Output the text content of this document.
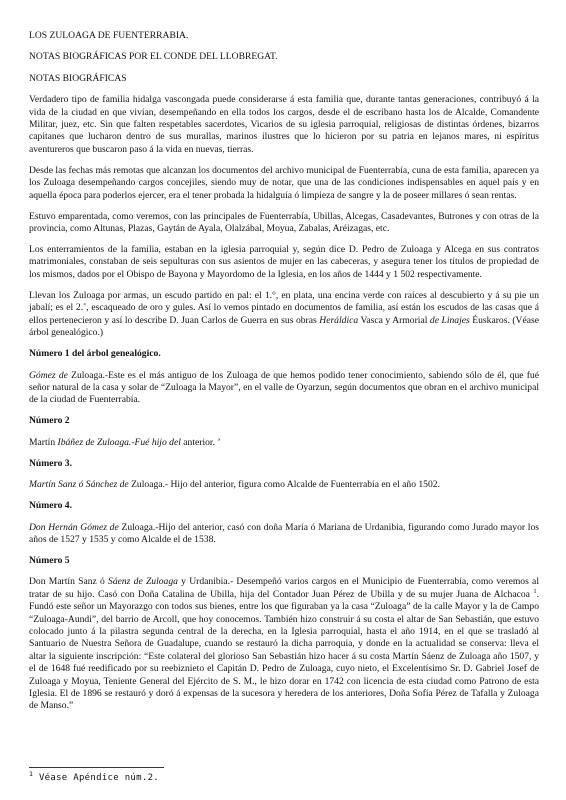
LOS ZULOAGA DE FUENTERRABIA.
NOTAS BIOGRÁFICAS POR EL CONDE DEL LLOBREGAT.
NOTAS BIOGRÁFICAS

Verdadero tipo de familia hidalga vascongada puede considerarse á esta familia que, durante tantas generaciones, contribuyó á la vida de la ciudad en que vivían, desempeñando en ella todos los cargos, desde el de escribano hasta los de Alcalde, Comandente Militar, juez, etc. Sin que falten respetables sacerdotes, Vicarios de su iglesia parroquial, religiosas de distintas órdenes, bizarros capitanes que lucharon dentro de sus murallas, marinos ilustres que lo hicieron por su patria en lejanos mares, ni espíritus aventureros que buscaron paso á la vida en nuevas, tierras.

Desde las fechas más remotas que alcanzan los documentos del archivo municipal de Fuenterrabía, cuna de esta familia, aparecen ya los Zuloaga desempeñando cargos concejiles, siendo muy de notar, que una de las condiciones indispensables en aquel país y en aquella época para poderlos ejercer, era el tener probada la hidalguía ó limpieza de sangre y la de poseer millares ó sean rentas.

Estuvo emparentada, como veremos, con las principales de Fuenterrabía, Ubillas, Alcegas, Casadevantes, Butrones y con otras de la provincia, como Altunas, Plazas, Gaytán de Ayala, Olalzábal, Moyua, Zabalas, Aréizagas, etc.

Los enterramientos de la familia, estaban en la iglesia parroquial y, según dice D. Pedro de Zuloaga y Alcega en sus contratos matrimoniales, constaban de seis sepulturas con sus asientos de mujer en las cabeceras, y asegura tener los títulos de propiedad de los mismos, dados por el Obispo de Bayona y Mayordomo de la Iglesia, en los años de 1444 y 1 502 respectivamente.

Llevan los Zuloaga por armas, un escudo partido en pal: el 1.°, en plata, una encina verde con raíces al descubierto y á su pie un jabalí; es el 2.˚, escaqueado de oro y gules. Así lo vemos pintado en documentos de familia, así están los escudos de las casas que á ellos pertenecieron y así lo describe D. Juan Carlos de Guerra en sus obras Heráldica Vasca y Armorial de Linajes Éuskaros. (Véase árbol genealógico.)

Número 1 del árbol genealógico.

Gómez de Zuloaga.-Este es el más antiguo de los Zuloaga de que hemos podido tener conocimiento, sabiendo sólo de él, que fué señor natural de la casa y solar de “Zuloaga la Mayor”, en el valle de Oyarzun, según documentos que obran en el archivo municipal de la ciudad de Fuenterrabía.

Número 2

Martín Ibáñez de Zuloaga.-Fué hijo del anterior. ’

Número 3.

Martín Sanz ó Sánchez de Zuloaga.- Hijo del anterior, figura como Alcalde de Fuenterrabía en el año 1502.

Número 4.

Don Hernán Gómez de Zuloaga.-Hijo del anterior, casó con doña María ó Mariana de Urdanibia, figurando como Jurado mayor los años de 1527 y 1535 y como Alcalde el de 1538.

Número 5

Don Martín Sanz ó Sáenz de Zuloaga y Urdanibia.- Desempeñó varios cargos en el Municipio de Fuenterrabía, como veremos al tratar de su hijo. Casó con Doña Catalina de Ubilla, hija del Contador Juan Pérez de Ubilla y de su mujer Juana de Alchacoa $^1$. Fundó este señor un Mayorazgo con todos sus bienes, entre los que figuraban ya la casa “Zuloaga” de la calle Mayor y la de Campo “Zuloaga-Aundi”, del barrio de Arcoll, que hoy conocemos. También hizo construir á su costa el altar de San Sebastián, que estuvo colocado junto á la pilastra segunda central de la derecha, en la Iglesia parroquial, hasta el año 1914, en el que se trasladó al Santuario de Nuestra Señora de Guadalupe, cuando se restauró la dicha parroquia, y donde en la actualidad se conserva: lleva el altar la siguiente inscripción: “Este colateral del glorioso San Sebastián hizo hacer á su costa Martín Sáenz de Zuloaga año 1507, y el de 1648 fué reedificado por su reebiznieto el Capitán D. Pedro de Zuloaga, cuyo nieto, el Excelentísimo Sr. D. Gabriel Josef de Zuloaga y Moyua, Teniente General del Ejército de S. M., le hizo dorar en 1742 con licencia de esta ciudad como Patrono de esta Iglesia. El de 1896 se restauró y doró á expensas de la sucesora y heredera de los anteriores, Doña Sofía Pérez de Tafalla y Zuloaga de Manso.”

$^1$ Véase Apéndice núm.2.
